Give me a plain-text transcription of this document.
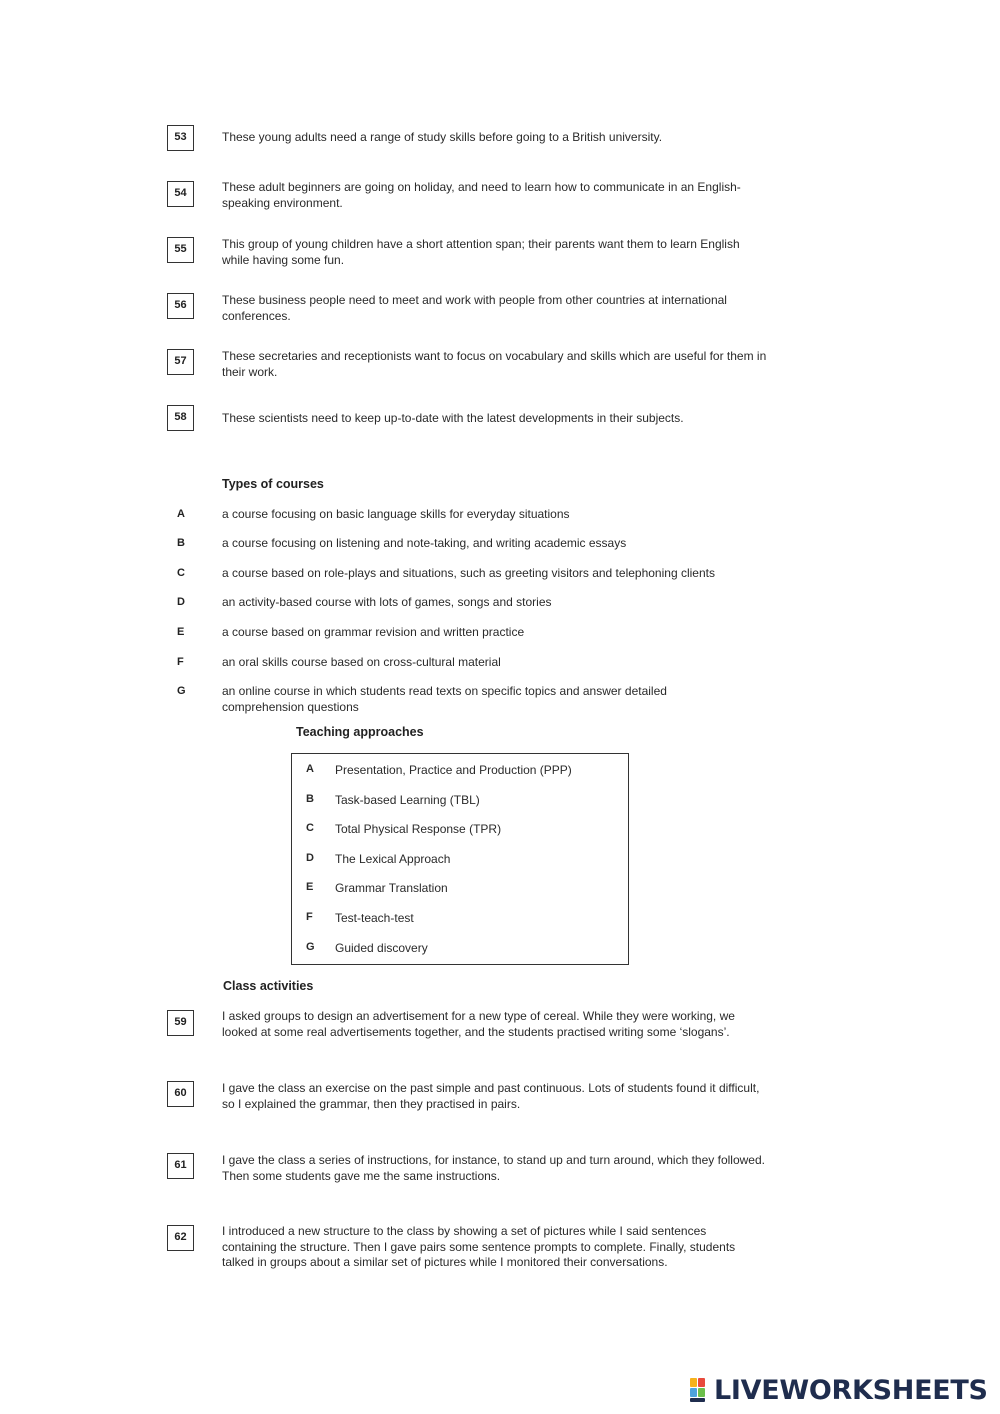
53	These young adults need a range of study skills before going to a British university.
54	These adult beginners are going on holiday, and need to learn how to communicate in an English-speaking environment.
55	This group of young children have a short attention span; their parents want them to learn English while having some fun.
56	These business people need to meet and work with people from other countries at international conferences.
57	These secretaries and receptionists want to focus on vocabulary and skills which are useful for them in their work.
58	These scientists need to keep up-to-date with the latest developments in their subjects.
Types of courses
A	a course focusing on basic language skills for everyday situations
B	a course focusing on listening and note-taking, and writing academic essays
C	a course based on role-plays and situations, such as greeting visitors and telephoning clients
D	an activity-based course with lots of games, songs and stories
E	a course based on grammar revision and written practice
F	an oral skills course based on cross-cultural material
G	an online course in which students read texts on specific topics and answer detailed comprehension questions
Teaching approaches
A Presentation, Practice and Production (PPP)
B Task-based Learning (TBL)
C Total Physical Response (TPR)
D The Lexical Approach
E Grammar Translation
F Test-teach-test
G Guided discovery
Class activities
59	I asked groups to design an advertisement for a new type of cereal. While they were working, we looked at some real advertisements together, and the students practised writing some ‘slogans’.
60	I gave the class an exercise on the past simple and past continuous. Lots of students found it difficult, so I explained the grammar, then they practised in pairs.
61	I gave the class a series of instructions, for instance, to stand up and turn around, which they followed. Then some students gave me the same instructions.
62	I introduced a new structure to the class by showing a set of pictures while I said sentences containing the structure. Then I gave pairs some sentence prompts to complete. Finally, students talked in groups about a similar set of pictures while I monitored their conversations.
LIVEWORKSHEETS
